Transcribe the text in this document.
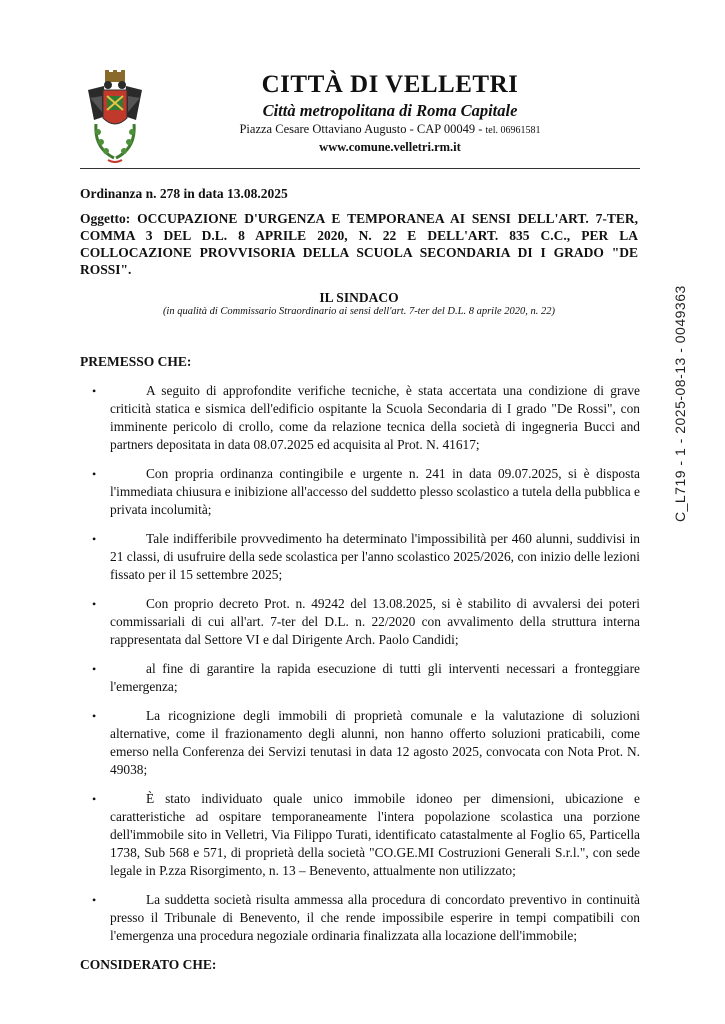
CITTÀ DI VELLETRI
Città metropolitana di Roma Capitale
Piazza Cesare Ottaviano Augusto - CAP 00049 - tel. 06961581
www.comune.velletri.rm.it
C_L719 - 1 - 2025-08-13 - 0049363
Ordinanza n. 278 in data 13.08.2025
Oggetto: OCCUPAZIONE D'URGENZA E TEMPORANEA AI SENSI DELL'ART. 7-TER, COMMA 3 DEL D.L. 8 APRILE 2020, N. 22 E DELL'ART. 835 C.C., PER LA COLLOCAZIONE PROVVISORIA DELLA SCUOLA SECONDARIA DI I GRADO "DE ROSSI".
IL SINDACO
(in qualità di Commissario Straordinario ai sensi dell'art. 7-ter del D.L. 8 aprile 2020, n. 22)
PREMESSO CHE:
•	A seguito di approfondite verifiche tecniche, è stata accertata una condizione di grave criticità statica e sismica dell'edificio ospitante la Scuola Secondaria di I grado "De Rossi", con imminente pericolo di crollo, come da relazione tecnica della società di ingegneria Bucci and partners depositata in data 08.07.2025 ed acquisita al Prot. N. 41617;
•	Con propria ordinanza contingibile e urgente n. 241 in data 09.07.2025, si è disposta l'immediata chiusura e inibizione all'accesso del suddetto plesso scolastico a tutela della pubblica e privata incolumità;
•	Tale indifferibile provvedimento ha determinato l'impossibilità per 460 alunni, suddivisi in 21 classi, di usufruire della sede scolastica per l'anno scolastico 2025/2026, con inizio delle lezioni fissato per il 15 settembre 2025;
•	Con proprio decreto Prot. n. 49242 del 13.08.2025, si è stabilito di avvalersi dei poteri commissariali di cui all'art. 7-ter del D.L. n. 22/2020 con avvalimento della struttura interna rappresentata dal Settore VI e dal Dirigente Arch. Paolo Candidi;
•	al fine di garantire la rapida esecuzione di tutti gli interventi necessari a fronteggiare l'emergenza;
•	La ricognizione degli immobili di proprietà comunale e la valutazione di soluzioni alternative, come il frazionamento degli alunni, non hanno offerto soluzioni praticabili, come emerso nella Conferenza dei Servizi tenutasi in data 12 agosto 2025, convocata con Nota Prot. N. 49038;
•	È stato individuato quale unico immobile idoneo per dimensioni, ubicazione e caratteristiche ad ospitare temporaneamente l'intera popolazione scolastica una porzione dell'immobile sito in Velletri, Via Filippo Turati, identificato catastalmente al Foglio 65, Particella 1738, Sub 568 e 571, di proprietà della società "CO.GE.MI Costruzioni Generali S.r.l.", con sede legale in P.zza Risorgimento, n. 13 – Benevento, attualmente non utilizzato;
•	La suddetta società risulta ammessa alla procedura di concordato preventivo in continuità presso il Tribunale di Benevento, il che rende impossibile esperire in tempi compatibili con l'emergenza una procedura negoziale ordinaria finalizzata alla locazione dell'immobile;
CONSIDERATO CHE:
